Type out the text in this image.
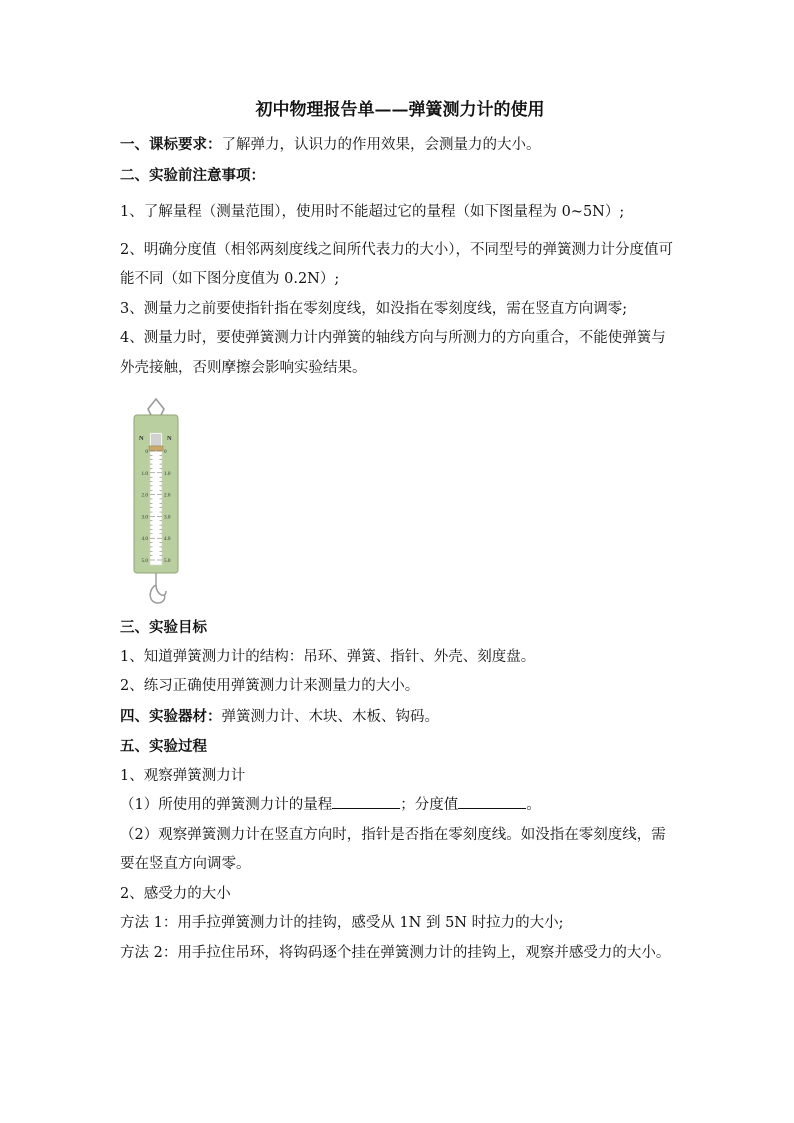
初中物理报告单——弹簧测力计的使用

一、课标要求：了解弹力，认识力的作用效果，会测量力的大小。

二、实验前注意事项：

1、了解量程（测量范围），使用时不能超过它的量程（如下图量程为 0~5N）;

2、明确分度值（相邻两刻度线之间所代表力的大小），不同型号的弹簧测力计分度值可能不同（如下图分度值为 0.2N）;

3、测量力之前要使指针指在零刻度线，如没指在零刻度线，需在竖直方向调零;

4、测量力时，要使弹簧测力计内弹簧的轴线方向与所测力的方向重合，不能使弹簧与外壳接触，否则摩擦会影响实验结果。

N	N
0	0
1.0	1.0
2.0	2.0
3.0	3.0
4.0	4.0
5.0	5.0

三、实验目标

1、知道弹簧测力计的结构：吊环、弹簧、指针、外壳、刻度盘。

2、练习正确使用弹簧测力计来测量力的大小。

四、实验器材：弹簧测力计、木块、木板、钩码。

五、实验过程

1、观察弹簧测力计

（1）所使用的弹簧测力计的量程	；分度值	。

（2）观察弹簧测力计在竖直方向时，指针是否指在零刻度线。如没指在零刻度线，需要在竖直方向调零。

2、感受力的大小

方法 1：用手拉弹簧测力计的挂钩，感受从 1N 到 5N 时拉力的大小;

方法 2：用手拉住吊环，将钩码逐个挂在弹簧测力计的挂钩上，观察并感受力的大小。
